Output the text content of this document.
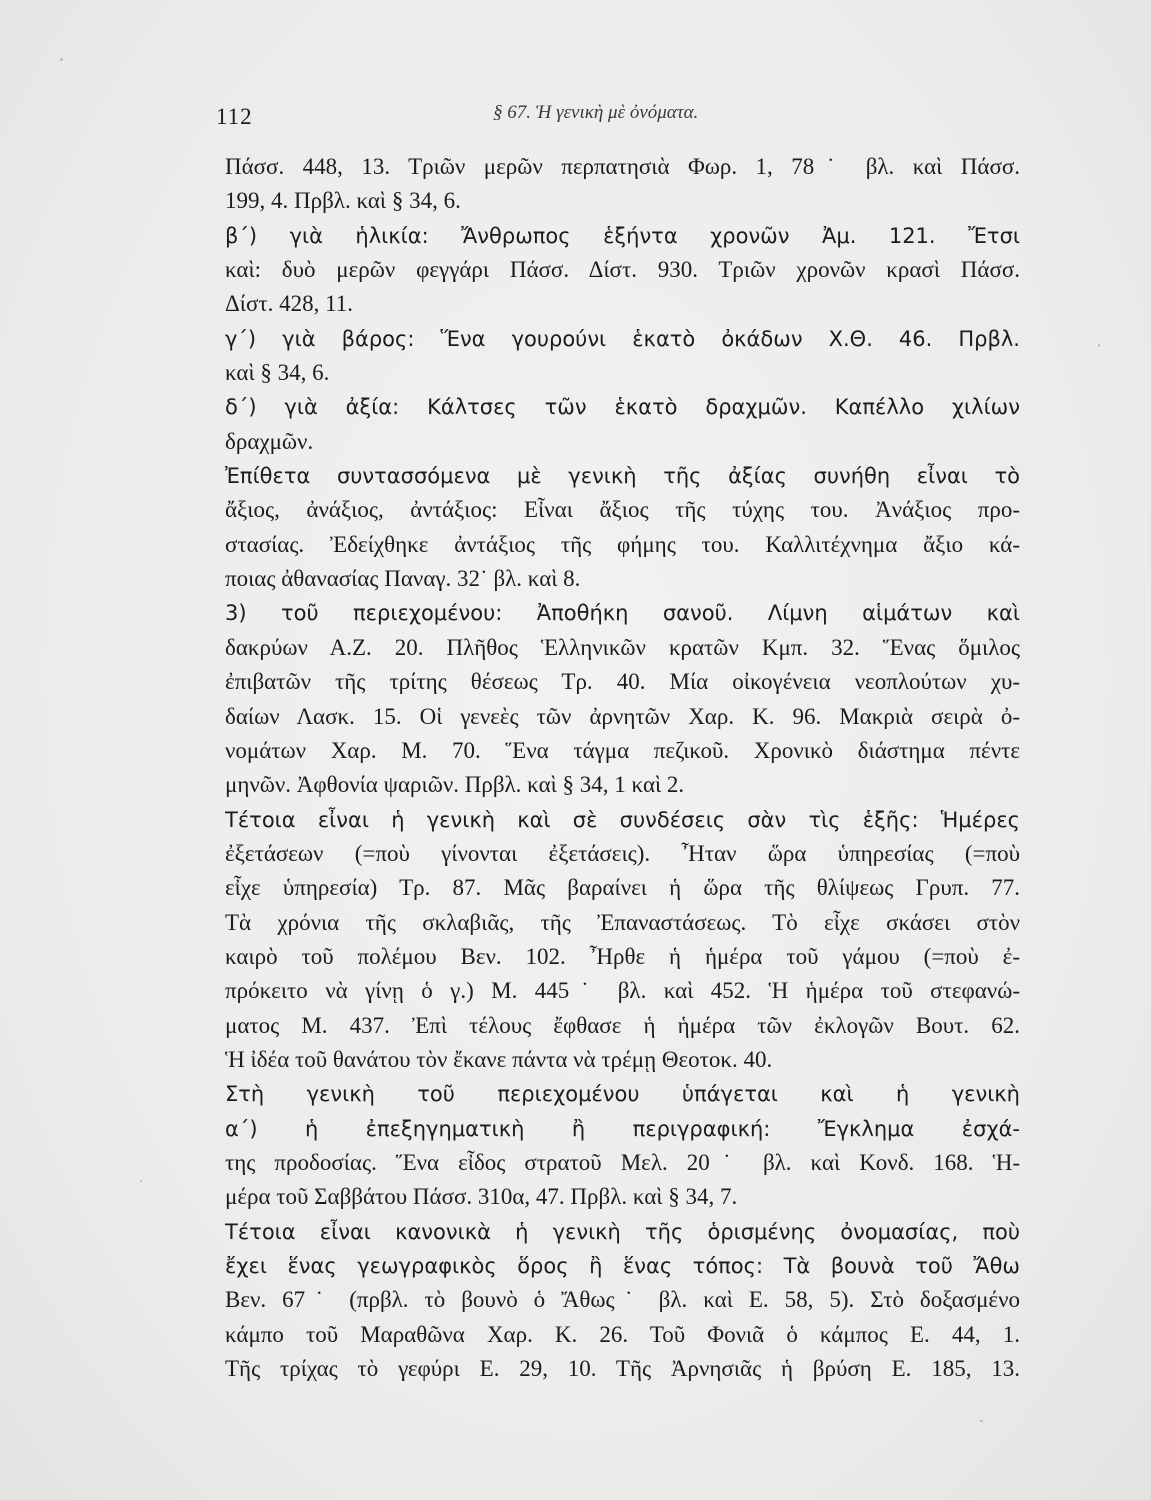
112	§ 67. Ἡ γενικὴ μὲ ὀνόματα.
Πάσσ. 448, 13. Τριῶν μερῶν περπατησιὰ Φωρ. 1, 78˙ βλ. καὶ Πάσσ.
199, 4. Πρβλ. καὶ § 34, 6.
β΄) γιὰ ἡλικία: Ἄνθρωπος ἑξήντα χρονῶν Ἀμ. 121. Ἔτσι
καὶ: δυὸ μερῶν φεγγάρι Πάσσ. Δίστ. 930. Τριῶν χρονῶν κρασὶ Πάσσ.
Δίστ. 428, 11.
γ΄) γιὰ βάρος: Ἕνα γουρούνι ἑκατὸ ὀκάδων Χ.Θ. 46. Πρβλ.
καὶ § 34, 6.
δ΄) γιὰ ἀξία: Κάλτσες τῶν ἑκατὸ δραχμῶν. Καπέλλο χιλίων
δραχμῶν.
Ἐπίθετα συντασσόμενα μὲ γενικὴ τῆς ἀξίας συνήθη εἶναι τὸ
ἄξιος, ἀνάξιος, ἀντάξιος: Εἶναι ἄξιος τῆς τύχης του. Ἀνάξιος προ-
στασίας. Ἐδείχθηκε ἀντάξιος τῆς φήμης του. Καλλιτέχνημα ἄξιο κά-
ποιας ἀθανασίας Παναγ. 32˙ βλ. καὶ 8.
3) τοῦ περιεχομένου: Ἀποθήκη σανοῦ. Λίμνη αἱμάτων καὶ
δακρύων Α.Ζ. 20. Πλῆθος Ἑλληνικῶν κρατῶν Κμπ. 32. Ἕνας ὅμιλος
ἐπιβατῶν τῆς τρίτης θέσεως Τρ. 40. Μία οἰκογένεια νεοπλούτων χυ-
δαίων Λασκ. 15. Οἱ γενεὲς τῶν ἀρνητῶν Χαρ. Κ. 96. Μακριὰ σειρὰ ὀ-
νομάτων Χαρ. Μ. 70. Ἕνα τάγμα πεζικοῦ. Χρονικὸ διάστημα πέντε
μηνῶν. Ἀφθονία ψαριῶν. Πρβλ. καὶ § 34, 1 καὶ 2.
Τέτοια εἶναι ἡ γενικὴ καὶ σὲ συνδέσεις σὰν τὶς ἑξῆς: Ἡμέρες
ἐξετάσεων (=ποὺ γίνονται ἐξετάσεις). Ἦταν ὥρα ὑπηρεσίας (=ποὺ
εἶχε ὑπηρεσία) Τρ. 87. Μᾶς βαραίνει ἡ ὥρα τῆς θλίψεως Γρυπ. 77.
Τὰ χρόνια τῆς σκλαβιᾶς, τῆς Ἐπαναστάσεως. Τὸ εἶχε σκάσει στὸν
καιρὸ τοῦ πολέμου Βεν. 102. Ἦρθε ἡ ἡμέρα τοῦ γάμου (=ποὺ ἐ-
πρόκειτο νὰ γίνῃ ὁ γ.) Μ. 445˙ βλ. καὶ 452. Ἡ ἡμέρα τοῦ στεφανώ-
ματος Μ. 437. Ἐπὶ τέλους ἔφθασε ἡ ἡμέρα τῶν ἐκλογῶν Βουτ. 62.
Ἡ ἰδέα τοῦ θανάτου τὸν ἔκανε πάντα νὰ τρέμῃ Θεοτοκ. 40.
Στὴ γενικὴ τοῦ περιεχομένου ὑπάγεται καὶ ἡ γενικὴ
α΄) ἡ ἐπεξηγηματικὴ ἢ περιγραφική: Ἔγκλημα ἐσχά-
της προδοσίας. Ἕνα εἶδος στρατοῦ Μελ. 20˙ βλ. καὶ Κονδ. 168. Ἡ-
μέρα τοῦ Σαββάτου Πάσσ. 310α, 47. Πρβλ. καὶ § 34, 7.
Τέτοια εἶναι κανονικὰ ἡ γενικὴ τῆς ὁρισμένης ὀνομασίας, ποὺ
ἔχει ἕνας γεωγραφικὸς ὅρος ἢ ἕνας τόπος: Τὰ βουνὰ τοῦ Ἄθω
Βεν. 67˙ (πρβλ. τὸ βουνὸ ὁ Ἄθως˙ βλ. καὶ Ε. 58, 5). Στὸ δοξασμένο
κάμπο τοῦ Μαραθῶνα Χαρ. Κ. 26. Τοῦ Φονιᾶ ὁ κάμπος Ε. 44, 1.
Τῆς τρίχας τὸ γεφύρι Ε. 29, 10. Τῆς Ἀρνησιᾶς ἡ βρύση Ε. 185, 13.
